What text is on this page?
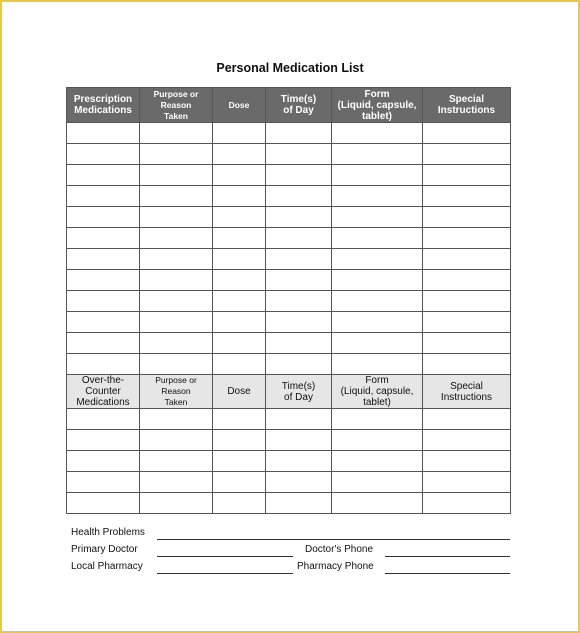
Personal Medication List
Prescription
Medications	Purpose or
Reason
Taken	Dose	Time(s)
of Day	Form
(Liquid, capsule,
tablet)	Special
Instructions

Over-the-
Counter
Medications	Purpose or
Reason
Taken	Dose	Time(s)
of Day	Form
(Liquid, capsule,
tablet)	Special
Instructions

Health Problems
Primary Doctor	Doctor's Phone
Local Pharmacy	Pharmacy Phone
